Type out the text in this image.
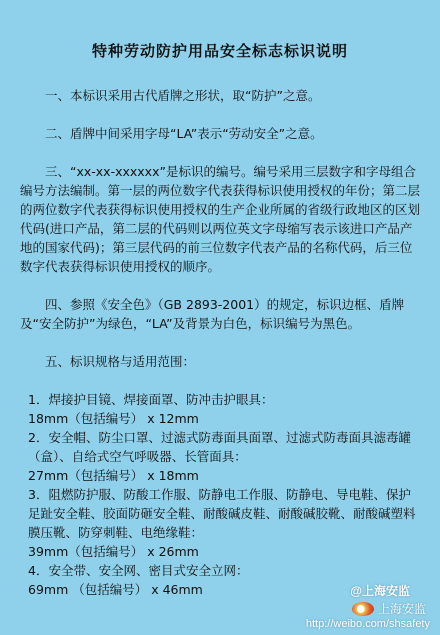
特种劳动防护用品安全标志标识说明

一、本标识采用古代盾牌之形状，取“防护”之意。

二、盾牌中间采用字母“LA”表示“劳动安全”之意。

三、“xx-xx-xxxxxx”是标识的编号。编号采用三层数字和字母组合编号方法编制。第一层的两位数字代表获得标识使用授权的年份；第二层的两位数字代表获得标识使用授权的生产企业所属的省级行政地区的区划代码(进口产品，第二层的代码则以两位英文字母缩写表示该进口产品产地的国家代码)；第三层代码的前三位数字代表产品的名称代码，后三位数字代表获得标识使用授权的顺序。

四、参照《安全色》（GB 2893-2001）的规定，标识边框、盾牌及“安全防护”为绿色，“LA”及背景为白色，标识编号为黑色。

五、标识规格与适用范围：

1．焊接护目镜、焊接面罩、防冲击护眼具：

18mm（包括编号） x 12mm

2．安全帽、防尘口罩、过滤式防毒面具面罩、过滤式防毒面具滤毒罐（盒）、自给式空气呼吸器、长管面具：

27mm（包括编号） x 18mm

3．阻燃防护服、防酸工作服、防静电工作服、防静电、导电鞋、保护足趾安全鞋、胶面防砸安全鞋、耐酸碱皮鞋、耐酸碱胶靴、耐酸碱塑料膜压靴、防穿刺鞋、电绝缘鞋：

39mm（包括编号） x 26mm

4．安全带、安全网、密目式安全立网：

69mm （包括编号） x 46mm	@上海安监
上海安监
http://weibo.com/shsafety
